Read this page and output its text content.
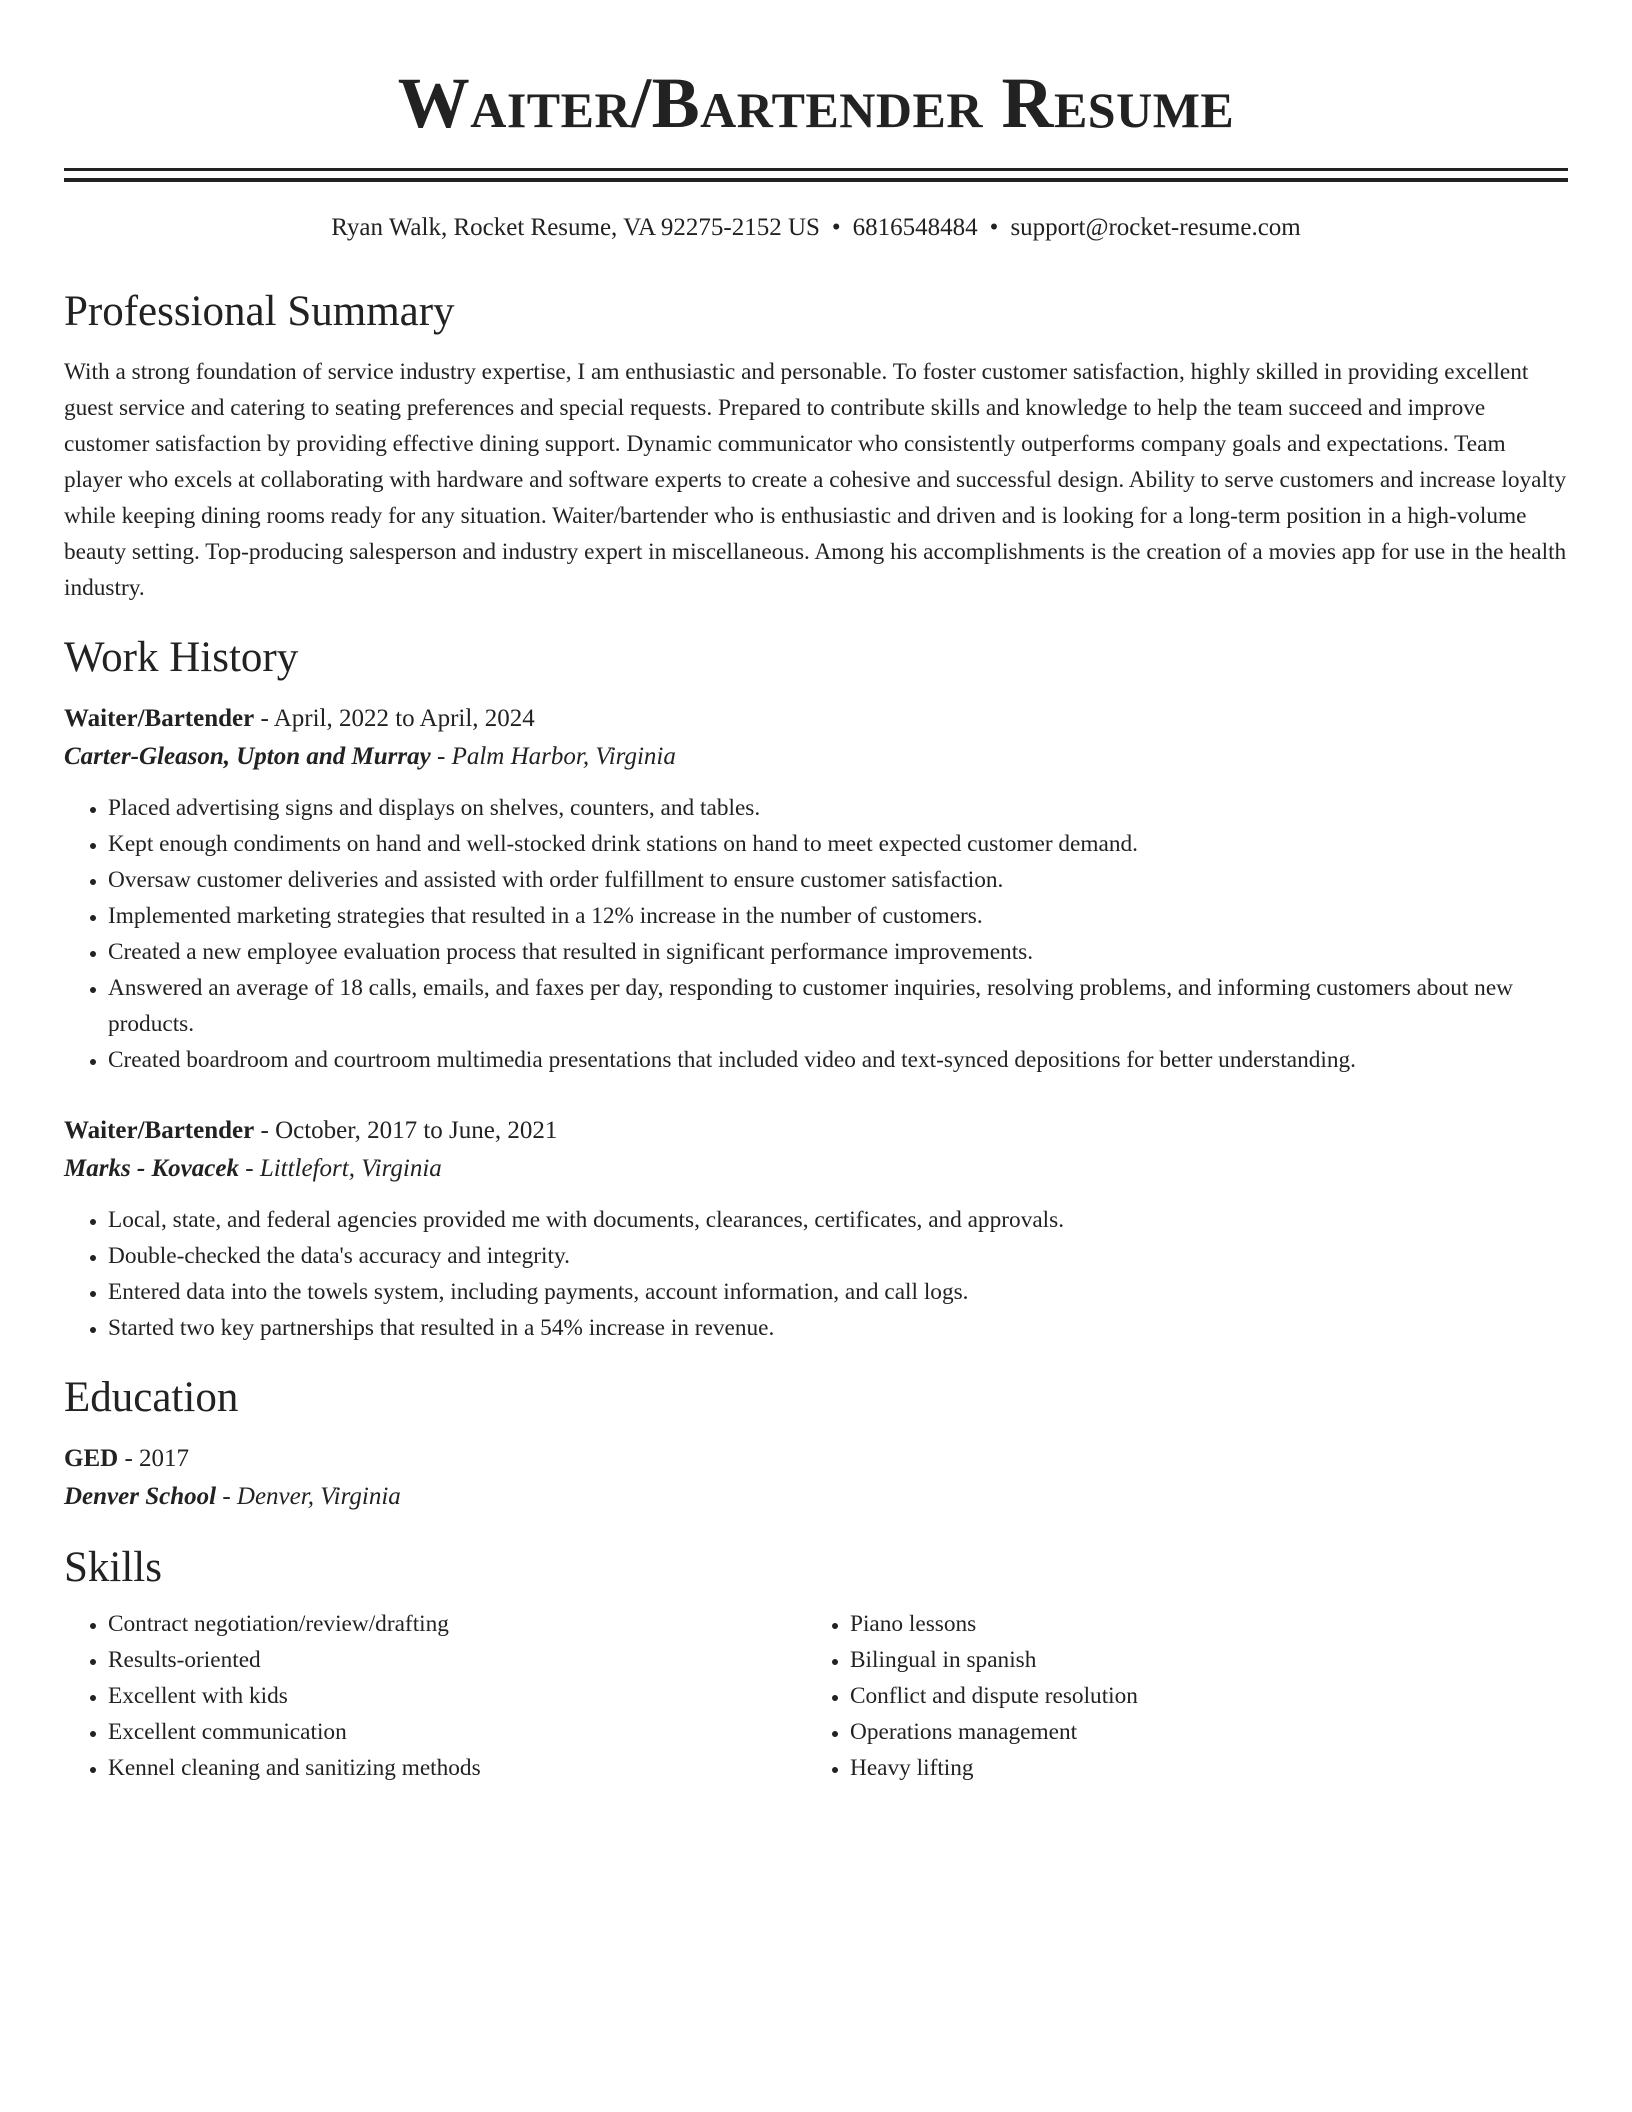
Waiter/Bartender Resume
Ryan Walk, Rocket Resume, VA 92275-2152 US • 6816548484 • support@rocket-resume.com
Professional Summary

With a strong foundation of service industry expertise, I am enthusiastic and personable. To foster customer satisfaction, highly skilled in providing excellent guest service and catering to seating preferences and special requests. Prepared to contribute skills and knowledge to help the team succeed and improve customer satisfaction by providing effective dining support. Dynamic communicator who consistently outperforms company goals and expectations. Team player who excels at collaborating with hardware and software experts to create a cohesive and successful design. Ability to serve customers and increase loyalty while keeping dining rooms ready for any situation. Waiter/bartender who is enthusiastic and driven and is looking for a long-term position in a high-volume beauty setting. Top-producing salesperson and industry expert in miscellaneous. Among his accomplishments is the creation of a movies app for use in the health industry.

Work History
Waiter/Bartender - April, 2022 to April, 2024
Carter-Gleason, Upton and Murray - Palm Harbor, Virginia
• Placed advertising signs and displays on shelves, counters, and tables.
• Kept enough condiments on hand and well-stocked drink stations on hand to meet expected customer demand.
• Oversaw customer deliveries and assisted with order fulfillment to ensure customer satisfaction.
• Implemented marketing strategies that resulted in a 12% increase in the number of customers.
• Created a new employee evaluation process that resulted in significant performance improvements.
• Answered an average of 18 calls, emails, and faxes per day, responding to customer inquiries, resolving problems, and informing customers about new products.
• Created boardroom and courtroom multimedia presentations that included video and text-synced depositions for better understanding.
Waiter/Bartender - October, 2017 to June, 2021
Marks - Kovacek - Littlefort, Virginia
• Local, state, and federal agencies provided me with documents, clearances, certificates, and approvals.
• Double-checked the data's accuracy and integrity.
• Entered data into the towels system, including payments, account information, and call logs.
• Started two key partnerships that resulted in a 54% increase in revenue.
Education
GED - 2017
Denver School - Denver, Virginia
Skills
• Contract negotiation/review/drafting
• Results-oriented
• Excellent with kids
• Excellent communication
• Kennel cleaning and sanitizing methods
• Piano lessons
• Bilingual in spanish
• Conflict and dispute resolution
• Operations management
• Heavy lifting
